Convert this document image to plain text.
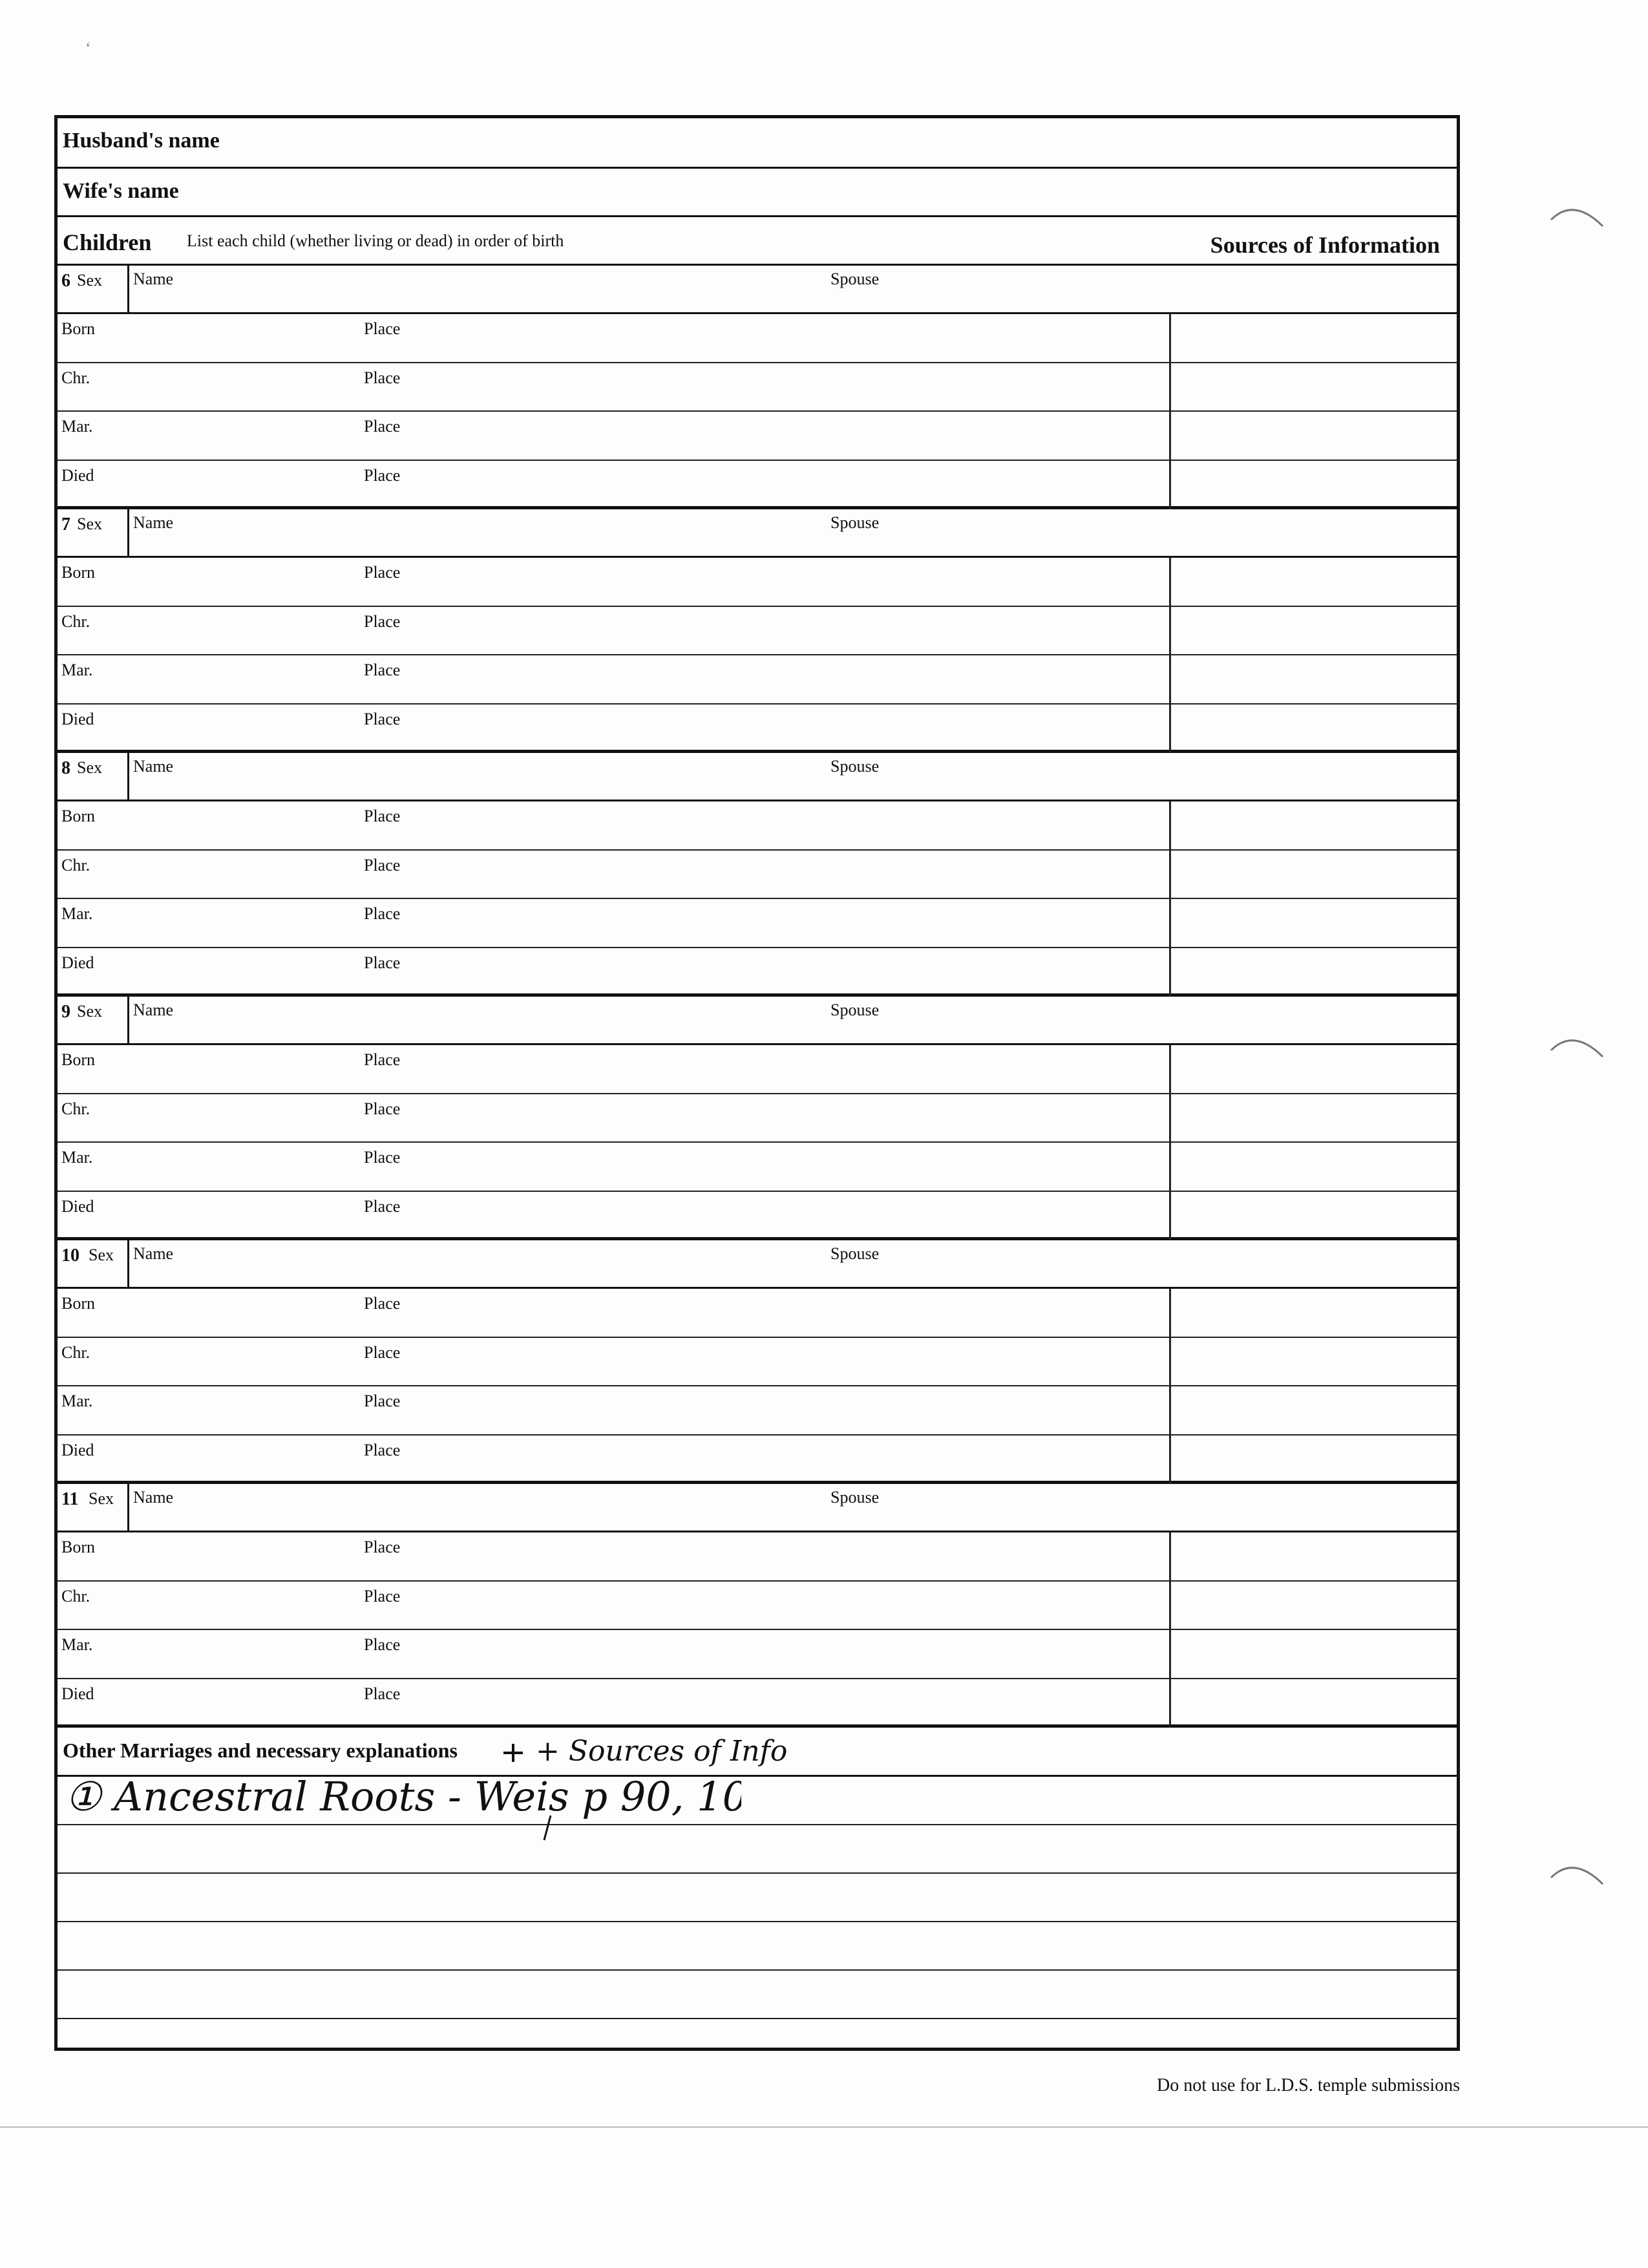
‘
Husband's name
Wife's name
Children List each child (whether living or dead) in order of birth	Sources of Information
6 Sex Name	Spouse
Born	Place
Chr.	Place
Mar.	Place
Died	Place
7 Sex Name	Spouse
Born	Place
Chr.	Place
Mar.	Place
Died	Place
8 Sex Name	Spouse
Born	Place
Chr.	Place
Mar.	Place
Died	Place
9 Sex Name	Spouse
Born	Place
Chr.	Place
Mar.	Place
Died	Place
10 Sex Name	Spouse
Born	Place
Chr.	Place
Mar.	Place
Died	Place
11 Sex Name	Spouse
Born	Place
Chr.	Place
Mar.	Place
Died	Place
Other Marriages and necessary explanations	+ Sources of Info
① Ancestral Roots - Weis p 90, 100
Do not use for L.D.S. temple submissions
